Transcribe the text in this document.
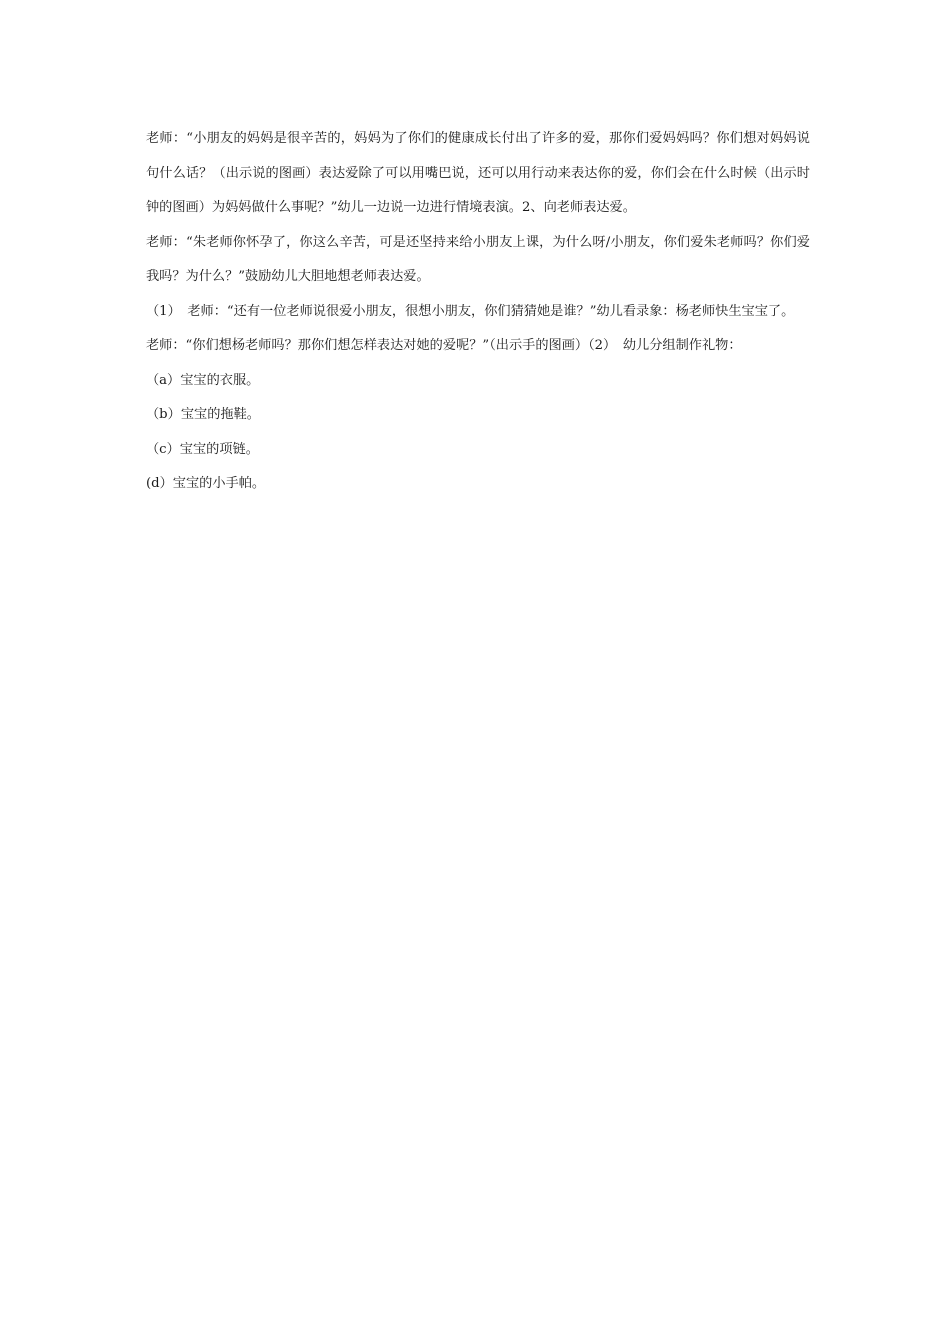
老师：“小朋友的妈妈是很辛苦的，妈妈为了你们的健康成长付出了许多的爱，那你们爱妈妈吗？你们想对妈妈说句什么话？（出示说的图画）表达爱除了可以用嘴巴说，还可以用行动来表达你的爱，你们会在什么时候（出示时钟的图画）为妈妈做什么事呢？”幼儿一边说一边进行情境表演。2、向老师表达爱。

老师：“朱老师你怀孕了，你这么辛苦，可是还坚持来给小朋友上课，为什么呀/小朋友，你们爱朱老师吗？你们爱我吗？为什么？”鼓励幼儿大胆地想老师表达爱。

（1）　老师：“还有一位老师说很爱小朋友，很想小朋友，你们猜猜她是谁？”幼儿看录象：杨老师快生宝宝了。

老师：“你们想杨老师吗？那你们想怎样表达对她的爱呢？”（出示手的图画）（2）　幼儿分组制作礼物：

（a）宝宝的衣服。

（b）宝宝的拖鞋。

（c）宝宝的项链。

(d）宝宝的小手帕。
